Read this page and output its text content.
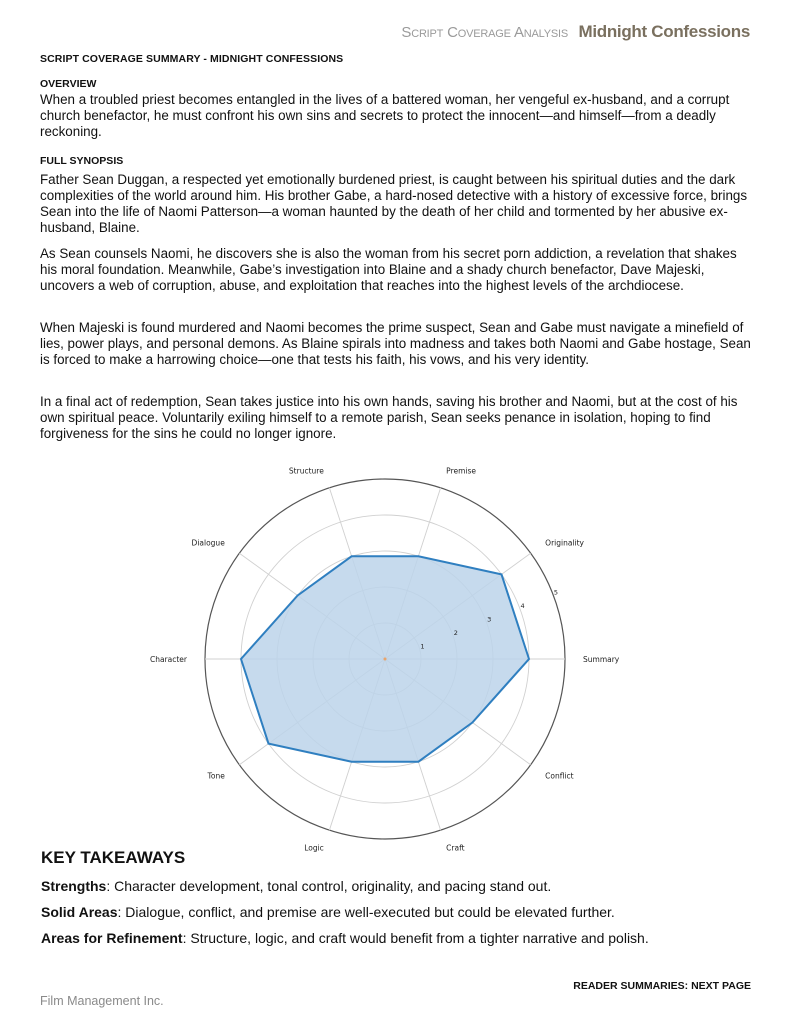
Script Coverage Analysis Midnight Confessions
SCRIPT COVERAGE SUMMARY - MIDNIGHT CONFESSIONS
OVERVIEW

When a troubled priest becomes entangled in the lives of a battered woman, her vengeful ex-husband, and a corrupt church benefactor, he must confront his own sins and secrets to protect the innocent—and himself—from a deadly reckoning.

FULL SYNOPSIS

Father Sean Duggan, a respected yet emotionally burdened priest, is caught between his spiritual duties and the dark complexities of the world around him. His brother Gabe, a hard-nosed detective with a history of excessive force, brings Sean into the life of Naomi Patterson—a woman haunted by the death of her child and tormented by her abusive ex-husband, Blaine.

As Sean counsels Naomi, he discovers she is also the woman from his secret porn addiction, a revelation that shakes his moral foundation. Meanwhile, Gabe’s investigation into Blaine and a shady church benefactor, Dave Majeski, uncovers a web of corruption, abuse, and exploitation that reaches into the highest levels of the archdiocese.

When Majeski is found murdered and Naomi becomes the prime suspect, Sean and Gabe must navigate a minefield of lies, power plays, and personal demons. As Blaine spirals into madness and takes both Naomi and Gabe hostage, Sean is forced to make a harrowing choice—one that tests his faith, his vows, and his very identity.

In a final act of redemption, Sean takes justice into his own hands, saving his brother and Naomi, but at the cost of his own spiritual peace. Voluntarily exiling himself to a remote parish, Sean seeks penance in isolation, hoping to find forgiveness for the sins he could no longer ignore.

1
2
3
4
5
Summary
Originality
Premise
Structure
Dialogue
Character
Tone
Logic	Craft
Conflict
KEY TAKEAWAYS
Strengths: Character development, tonal control, originality, and pacing stand out.
Solid Areas: Dialogue, conflict, and premise are well-executed but could be elevated further.
Areas for Refinement: Structure, logic, and craft would benefit from a tighter narrative and polish.
READER SUMMARIES: NEXT PAGE
Film Management Inc.
